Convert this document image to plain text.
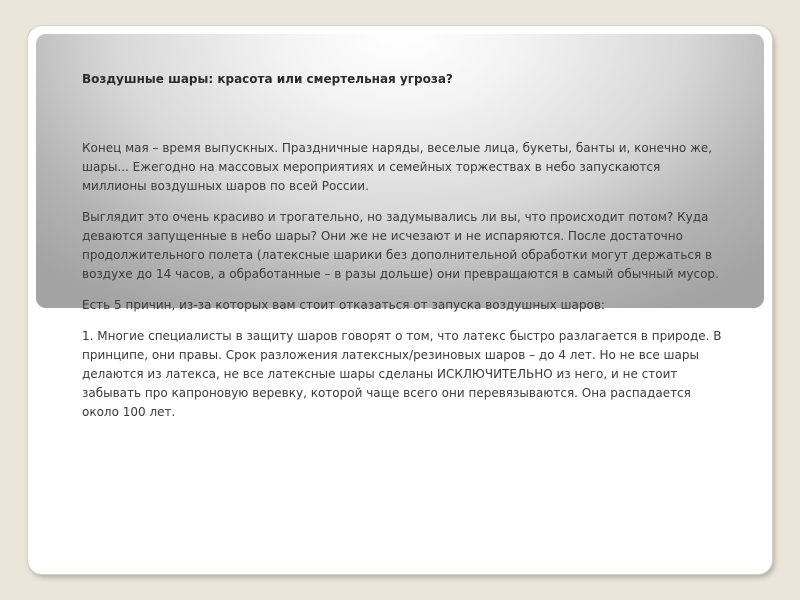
Воздушные шары: красота или смертельная угроза?

Конец мая – время выпускных. Праздничные наряды, веселые лица, букеты, банты и, конечно же, шары... Ежегодно на массовых мероприятиях и семейных торжествах в небо запускаются миллионы воздушных шаров по всей России.

Выглядит это очень красиво и трогательно, но задумывались ли вы, что происходит потом? Куда деваются запущенные в небо шары? Они же не исчезают и не испаряются. После достаточно продолжительного полета (латексные шарики без дополнительной обработки могут держаться в воздухе до 14 часов, а обработанные – в разы дольше) они превращаются в самый обычный мусор.

Есть 5 причин, из-за которых вам стоит отказаться от запуска воздушных шаров:

1. Многие специалисты в защиту шаров говорят о том, что латекс быстро разлагается в природе. В принципе, они правы. Срок разложения латексных/резиновых шаров – до 4 лет. Но не все шары делаются из латекса, не все латексные шары сделаны ИСКЛЮЧИТЕЛЬНО из него, и не стоит забывать про капроновую веревку, которой чаще всего они перевязываются. Она распадается около 100 лет.
